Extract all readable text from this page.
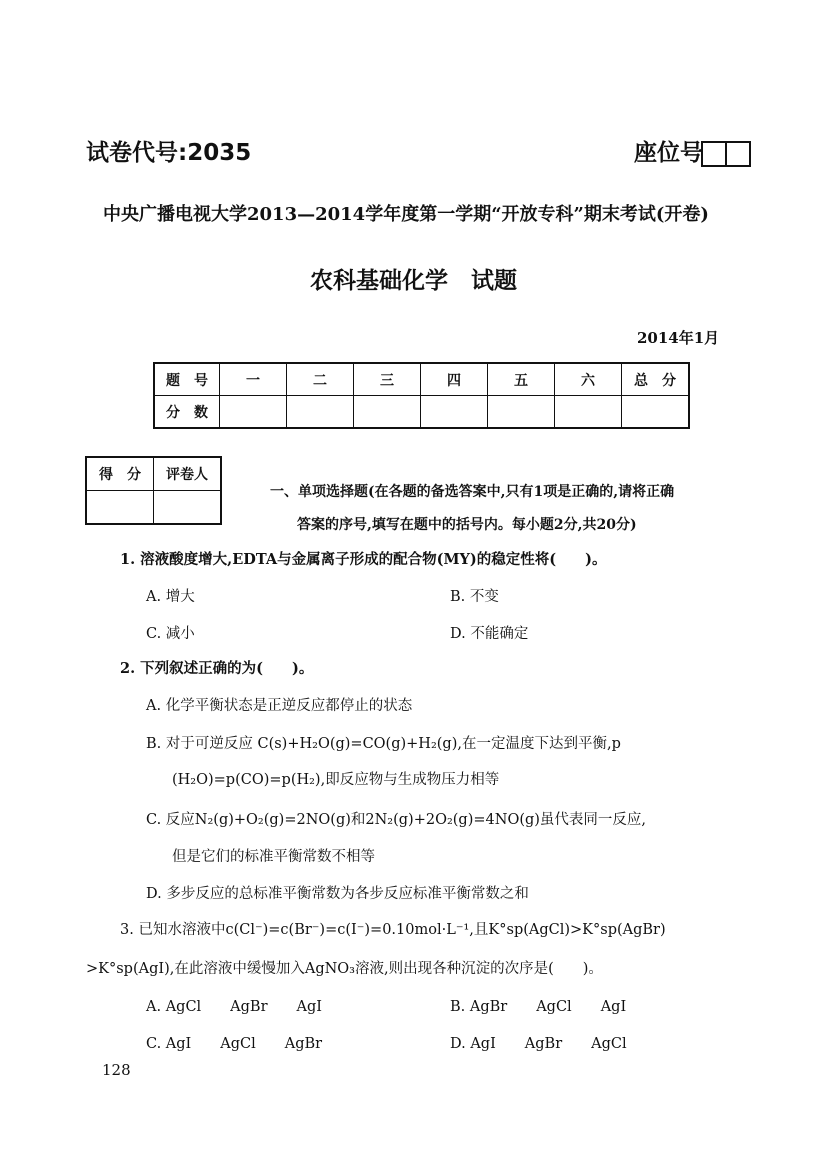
试卷代号:2035	座位号
中央广播电视大学2013—2014学年度第一学期“开放专科”期末考试(开卷)
农科基础化学　试题
2014年1月
题　号	一	二	三	四	五	六	总　分
分　数							
得　分	评卷人

一、单项选择题(在各题的备选答案中,只有1项是正确的,请将正确
答案的序号,填写在题中的括号内。每小题2分,共20分)
1. 溶液酸度增大,EDTA与金属离子形成的配合物(MY)的稳定性将(　　)。
A. 增大	B. 不变
C. 减小	D. 不能确定
2. 下列叙述正确的为(　　)。
A. 化学平衡状态是正逆反应都停止的状态
B. 对于可逆反应 C(s)+H₂O(g)=CO(g)+H₂(g),在一定温度下达到平衡,p
(H₂O)=p(CO)=p(H₂),即反应物与生成物压力相等
C. 反应N₂(g)+O₂(g)=2NO(g)和2N₂(g)+2O₂(g)=4NO(g)虽代表同一反应,
但是它们的标准平衡常数不相等
D. 多步反应的总标准平衡常数为各步反应标准平衡常数之和
3. 已知水溶液中c(Cl⁻)=c(Br⁻)=c(I⁻)=0.10mol·L⁻¹,且K°sp(AgCl)>K°sp(AgBr)
>K°sp(AgI),在此溶液中缓慢加入AgNO₃溶液,则出现各种沉淀的次序是(　　)。
A. AgCl　　AgBr　　AgI	B. AgBr　　AgCl　　AgI
C. AgI　　AgCl　　AgBr	D. AgI　　AgBr　　AgCl
128
